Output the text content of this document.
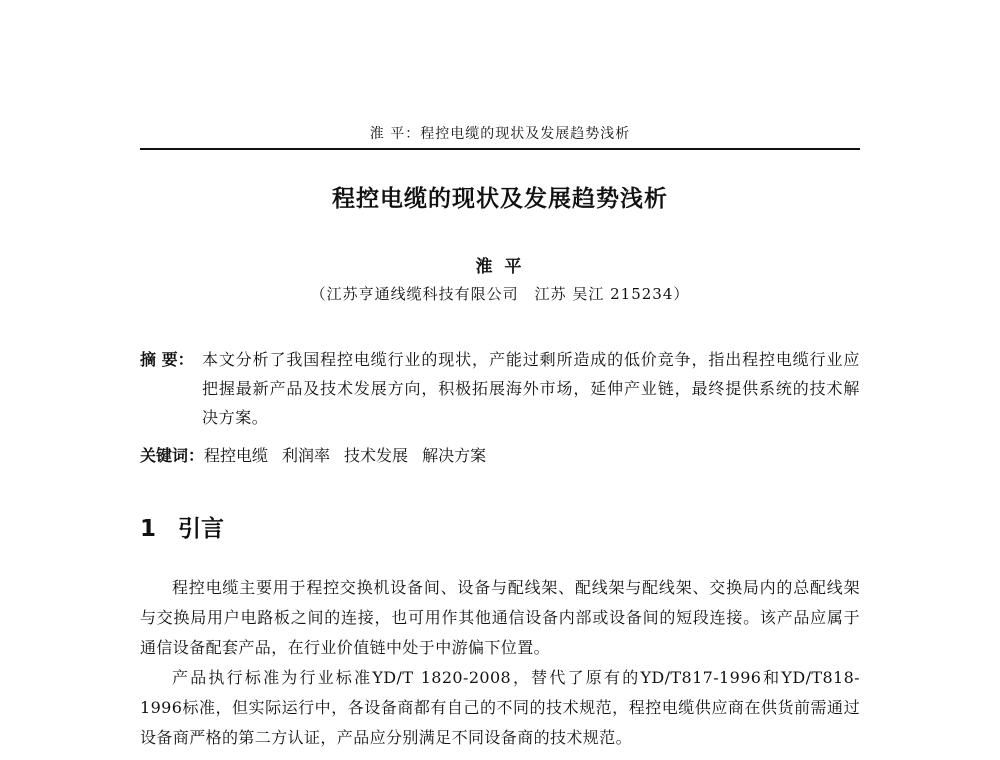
淮 平：程控电缆的现状及发展趋势浅析
程控电缆的现状及发展趋势浅析
淮 平
（江苏亨通线缆科技有限公司　江苏 吴江 215234）
摘 要： 本文分析了我国程控电缆行业的现状，产能过剩所造成的低价竞争，指出程控电缆行业应把握最新产品及技术发展方向，积极拓展海外市场，延伸产业链，最终提供系统的技术解决方案。
关键词：程控电缆 利润率 技术发展 解决方案
1 引言

程控电缆主要用于程控交换机设备间、设备与配线架、配线架与配线架、交换局内的总配线架与交换局用户电路板之间的连接，也可用作其他通信设备内部或设备间的短段连接。该产品应属于通信设备配套产品，在行业价值链中处于中游偏下位置。

产品执行标准为行业标准YD/T 1820-2008，替代了原有的YD/T817-1996和YD/T818-1996标准，但实际运行中，各设备商都有自己的不同的技术规范，程控电缆供应商在供货前需通过设备商严格的第二方认证，产品应分别满足不同设备商的技术规范。
